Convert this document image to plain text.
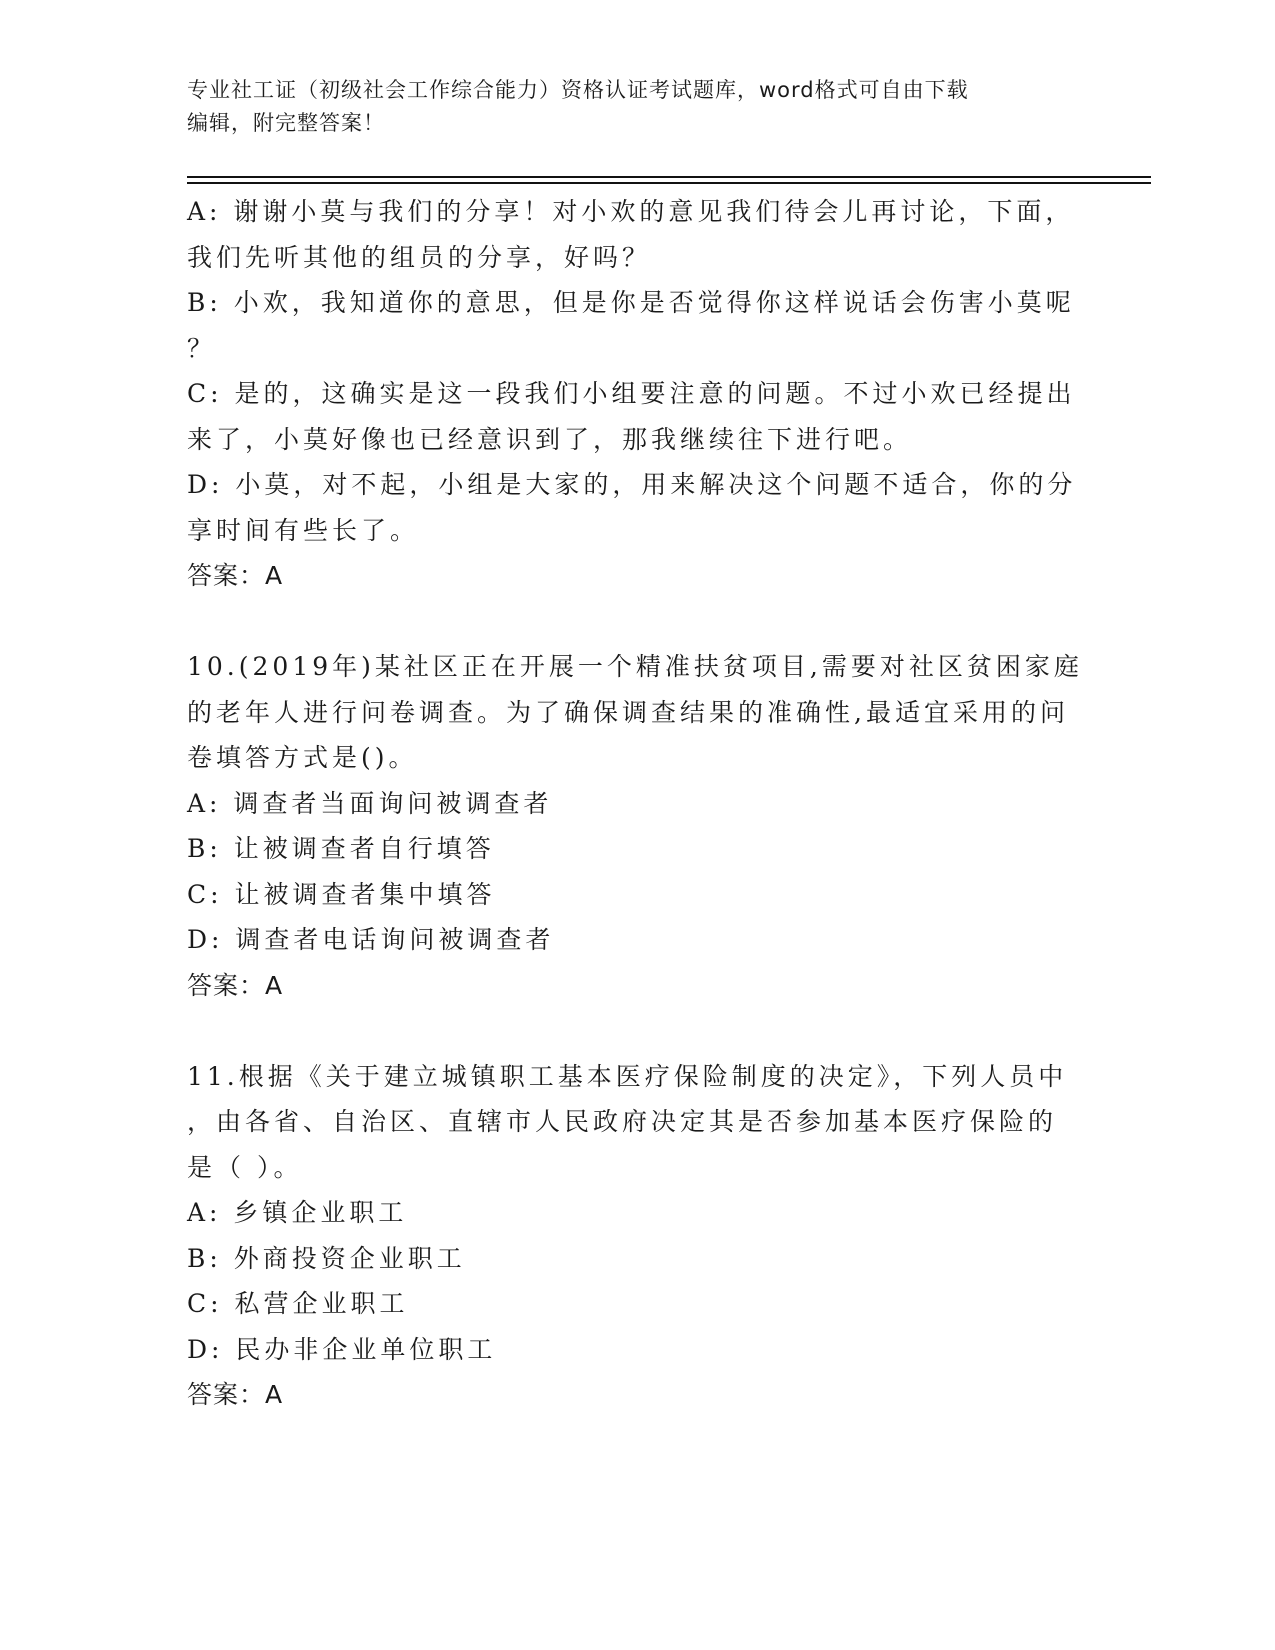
专业社工证（初级社会工作综合能力）资格认证考试题库，word格式可自由下载
编辑，附完整答案！
A: 谢谢小莫与我们的分享！对小欢的意见我们待会儿再讨论，下面，
我们先听其他的组员的分享，好吗？
B: 小欢，我知道你的意思，但是你是否觉得你这样说话会伤害小莫呢
？
C: 是的，这确实是这一段我们小组要注意的问题。不过小欢已经提出
来了，小莫好像也已经意识到了，那我继续往下进行吧。
D: 小莫，对不起，小组是大家的，用来解决这个问题不适合，你的分
享时间有些长了。
答案：A
10.(2019年)某社区正在开展一个精准扶贫项目,需要对社区贫困家庭
的老年人进行问卷调查。为了确保调查结果的准确性,最适宜采用的问
卷填答方式是()。
A: 调查者当面询问被调查者
B: 让被调查者自行填答
C: 让被调查者集中填答
D: 调查者电话询问被调查者
答案：A
11.根据《关于建立城镇职工基本医疗保险制度的决定》，下列人员中
，由各省、自治区、直辖市人民政府决定其是否参加基本医疗保险的
是（ ）。
A: 乡镇企业职工
B: 外商投资企业职工
C: 私营企业职工
D: 民办非企业单位职工
答案：A
